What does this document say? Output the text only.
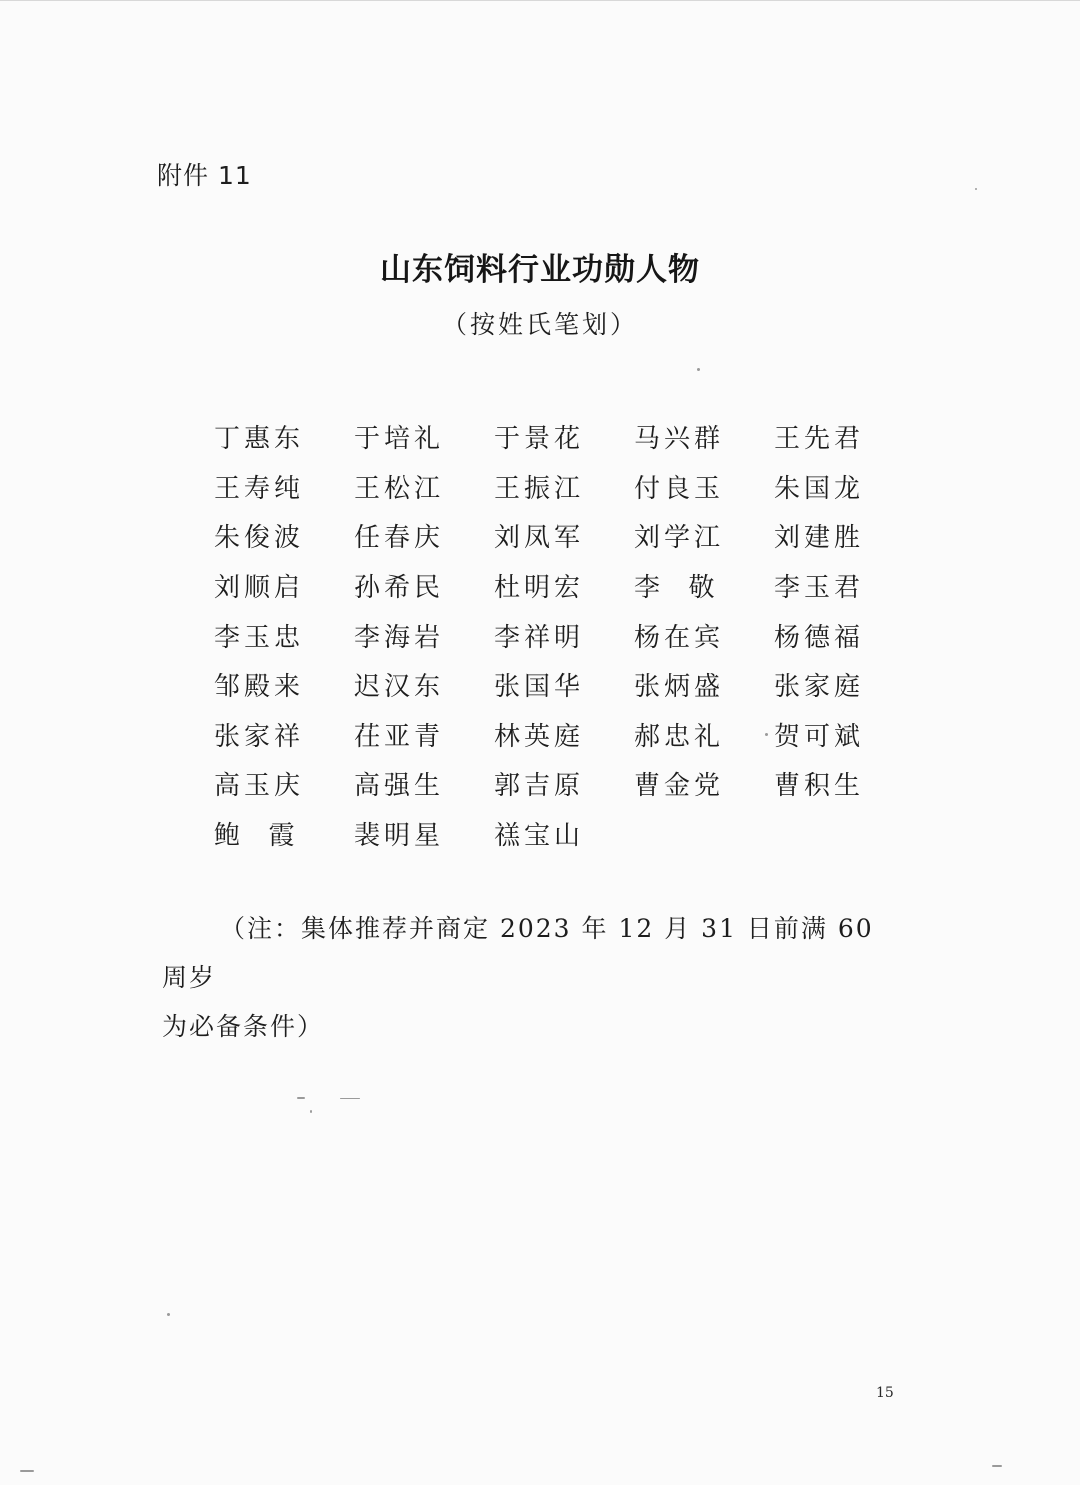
附件 11
山东饲料行业功勋人物
（按姓氏笔划）
丁惠东	于培礼	于景花	马兴群	王先君
王寿纯	王松江	王振江	付良玉	朱国龙
朱俊波	任春庆	刘凤军	刘学江	刘建胜
刘顺启	孙希民	杜明宏	李  敬	李玉君
李玉忠	李海岩	李祥明	杨在宾	杨德福
邹殿来	迟汉东	张国华	张炳盛	张家庭
张家祥	茌亚青	林英庭	郝忠礼	贺可斌
高玉庆	高强生	郭吉原	曹金党	曹积生
鲍  霞	裴明星	禚宝山
（注：集体推荐并商定 2023 年 12 月 31 日前满 60 周岁
为必备条件）
15
